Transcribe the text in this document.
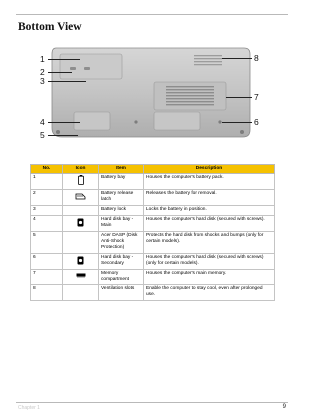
Bottom View
1
2
3
4
5
6
7
8
No.	Icon	Item	Description
1		Battery bay	Houses the computer's battery pack.
2		Battery release latch	Releases the battery for removal.
3		Battery lock	Locks the battery in position.
4		Hard disk bay - Main	Houses the computer's hard disk (secured with screws).
5		Acer DASP (Disk Anti-Shock Protection)	Protects the hard disk from shocks and bumps (only for certain models).
6		Hard disk bay - Secondary	Houses the computer's hard disk (secured with screws) (only for certain models).
7		Memory compartment	Houses the computer's main memory.
8		Ventilation slots	Enable the computer to stay cool, even after prolonged use.
Chapter 1	9
